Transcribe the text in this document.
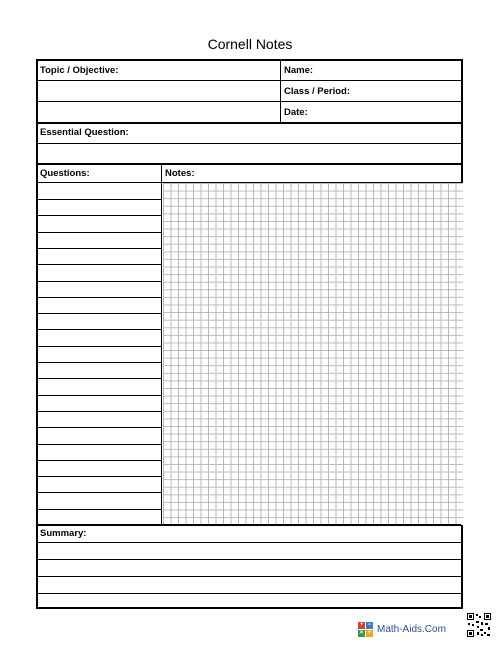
Cornell Notes
Topic / Objective:	Name:
Class / Period:
Date:
Essential Question:
Questions:	Notes:
Summary:
+ −
× ÷ Math-Aids.Com
